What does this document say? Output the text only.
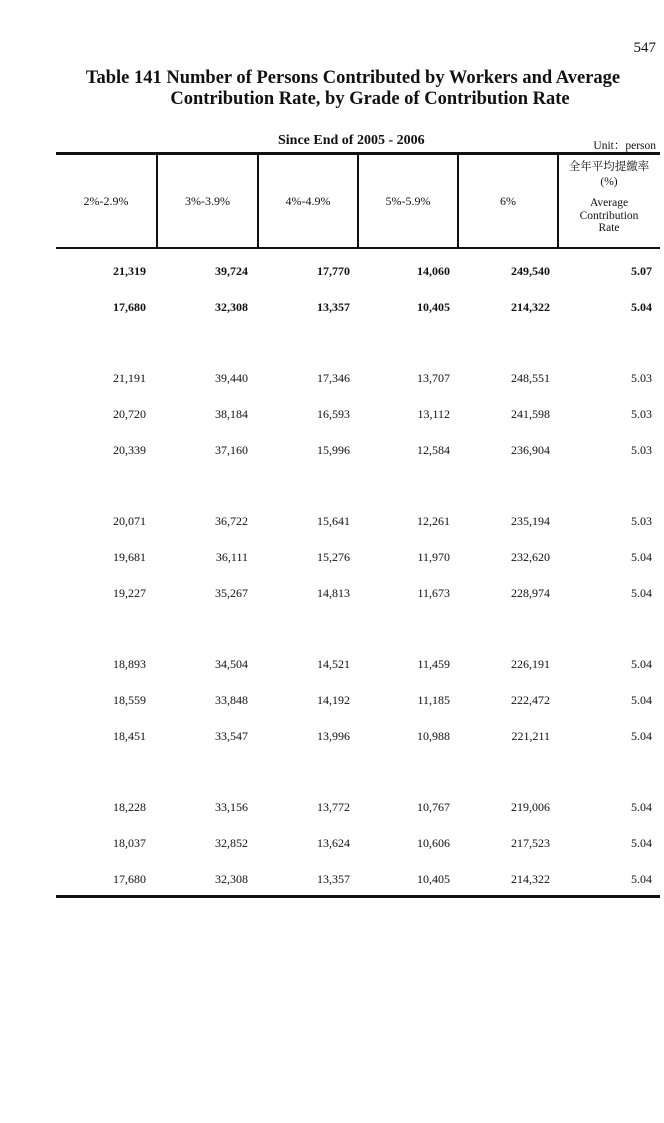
547
Table 141 Number of Persons Contributed by Workers and Average
Contribution Rate, by Grade of Contribution Rate
Since End of 2005 - 2006	Unit：person
2%-2.9%	3%-3.9%	4%-4.9%	5%-5.9%	6%
全年平均提繳率
(%)
Average
Contribution
Rate
21,319	39,724	17,770	14,060	249,540	5.07
17,680	32,308	13,357	10,405	214,322	5.04
21,191	39,440	17,346	13,707	248,551	5.03
20,720	38,184	16,593	13,112	241,598	5.03
20,339	37,160	15,996	12,584	236,904	5.03
20,071	36,722	15,641	12,261	235,194	5.03
19,681	36,111	15,276	11,970	232,620	5.04
19,227	35,267	14,813	11,673	228,974	5.04
18,893	34,504	14,521	11,459	226,191	5.04
18,559	33,848	14,192	11,185	222,472	5.04
18,451	33,547	13,996	10,988	221,211	5.04
18,228	33,156	13,772	10,767	219,006	5.04
18,037	32,852	13,624	10,606	217,523	5.04
17,680	32,308	13,357	10,405	214,322	5.04
